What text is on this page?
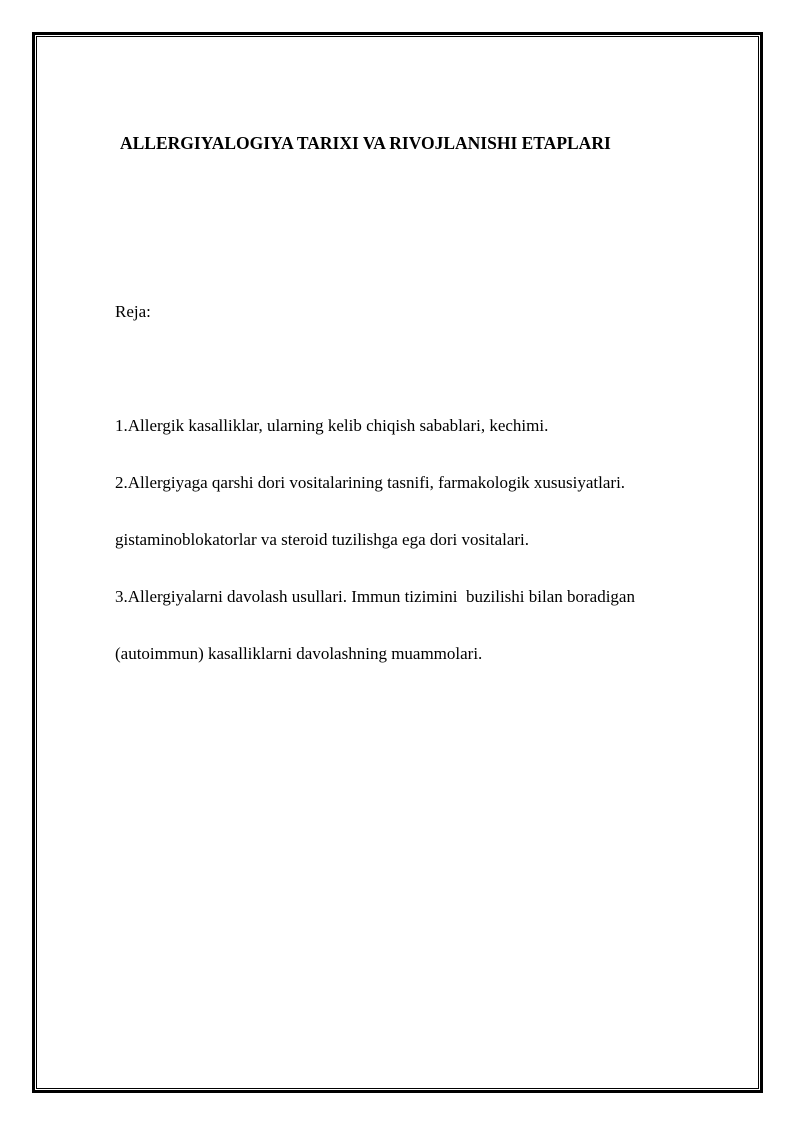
ALLERGIYALOGIYA TARIXI VA RIVOJLANISHI ETAPLARI

Reja:

1.Allergik kasalliklar, ularning kelib chiqish sabablari, kechimi.

2.Allergiyaga qarshi dori vositalarining tasnifi, farmakologik xususiyatlari.

gistaminoblokatorlar va steroid tuzilishga ega dori vositalari.

3.Allergiyalarni davolash usullari. Immun tizimini  buzilishi bilan boradigan

(autoimmun) kasalliklarni davolashning muammolari.
